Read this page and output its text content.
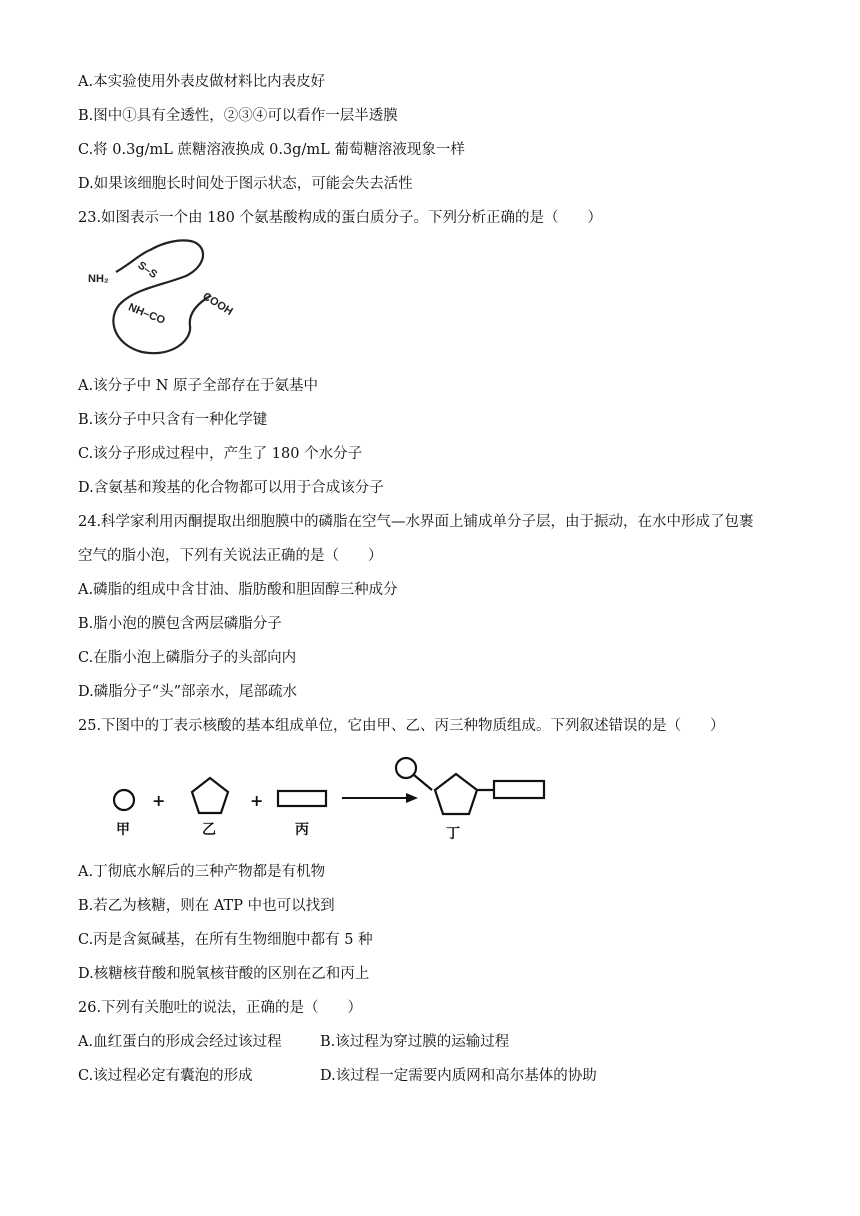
A.本实验使用外表皮做材料比内表皮好
B.图中①具有全透性，②③④可以看作一层半透膜
C.将 0.3g/mL 蔗糖溶液换成 0.3g/mL 葡萄糖溶液现象一样
D.如果该细胞长时间处于图示状态，可能会失去活性
23.如图表示一个由 180 个氨基酸构成的蛋白质分子。下列分析正确的是（　　）
NH₂ S–S
NH–CO	COOH
A.该分子中 N 原子全部存在于氨基中
B.该分子中只含有一种化学键
C.该分子形成过程中，产生了 180 个水分子
D.含氨基和羧基的化合物都可以用于合成该分子
24.科学家利用丙酮提取出细胞膜中的磷脂在空气—水界面上铺成单分子层，由于振动，在水中形成了包裹
空气的脂小泡，下列有关说法正确的是（　　）
A.磷脂的组成中含甘油、脂肪酸和胆固醇三种成分
B.脂小泡的膜包含两层磷脂分子
C.在脂小泡上磷脂分子的头部向内
D.磷脂分子“头”部亲水，尾部疏水
25.下图中的丁表示核酸的基本组成单位，它由甲、乙、丙三种物质组成。下列叙述错误的是（　　）
甲
+
乙
+
丙	丁
A.丁彻底水解后的三种产物都是有机物
B.若乙为核糖，则在 ATP 中也可以找到
C.丙是含氮碱基，在所有生物细胞中都有 5 种
D.核糖核苷酸和脱氧核苷酸的区别在乙和丙上
26.下列有关胞吐的说法，正确的是（　　）
A.血红蛋白的形成会经过该过程	B.该过程为穿过膜的运输过程
C.该过程必定有囊泡的形成	D.该过程一定需要内质网和高尔基体的协助
